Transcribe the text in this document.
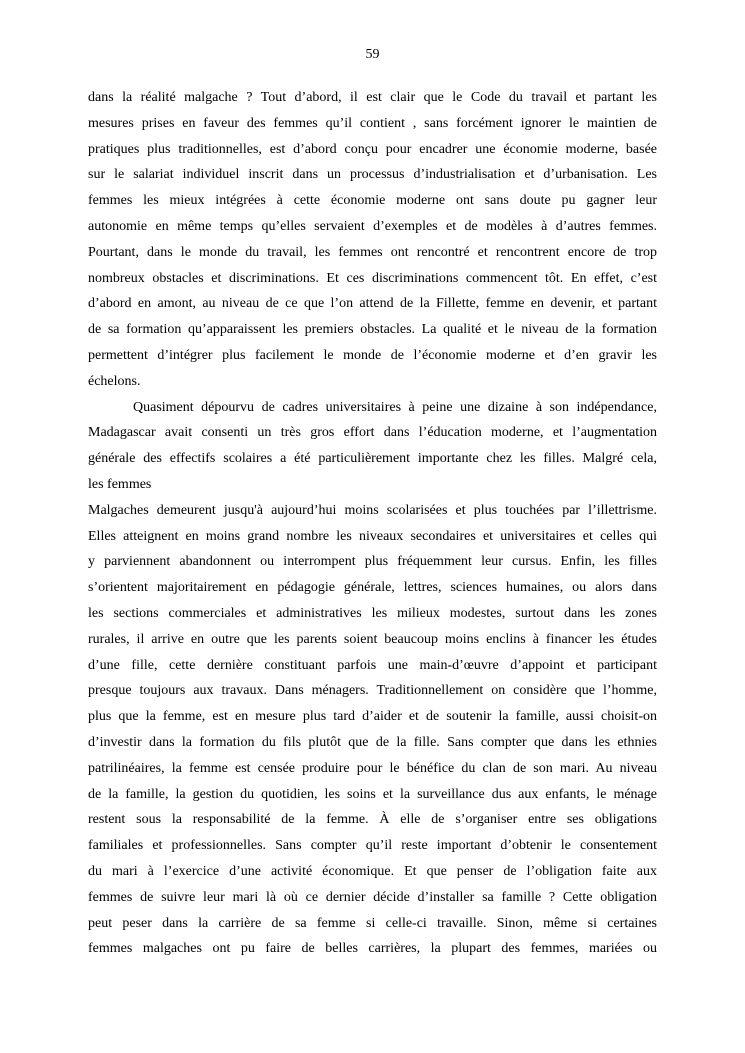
59
dans la réalité malgache ? Tout d’abord, il est clair que le Code du travail et partant les
mesures prises en faveur des femmes qu’il contient , sans forcément ignorer le maintien de
pratiques plus traditionnelles, est d’abord conçu pour encadrer une économie moderne, basée
sur le salariat individuel inscrit dans un processus d’industrialisation et d’urbanisation. Les
femmes les mieux intégrées à cette économie moderne ont sans doute pu gagner leur
autonomie en même temps qu’elles servaient d’exemples et de modèles à d’autres femmes.
Pourtant, dans le monde du travail, les femmes ont rencontré et rencontrent encore de trop
nombreux obstacles et discriminations. Et ces discriminations commencent tôt. En effet, c’est
d’abord en amont, au niveau de ce que l’on attend de la Fillette, femme en devenir, et partant
de sa formation qu’apparaissent les premiers obstacles. La qualité et le niveau de la formation
permettent d’intégrer plus facilement le monde de l’économie moderne et d’en gravir les
échelons.
Quasiment dépourvu de cadres universitaires à peine une dizaine à son indépendance,
Madagascar avait consenti un très gros effort dans l’éducation moderne, et l’augmentation
générale des effectifs scolaires a été particulièrement importante chez les filles. Malgré cela,
les femmes
Malgaches demeurent jusqu'à aujourd’hui moins scolarisées et plus touchées par l’illettrisme.
Elles atteignent en moins grand nombre les niveaux secondaires et universitaires et celles qui
y parviennent abandonnent ou interrompent plus fréquemment leur cursus. Enfin, les filles
s’orientent majoritairement en pédagogie générale, lettres, sciences humaines, ou alors dans
les sections commerciales et administratives les milieux modestes, surtout dans les zones
rurales, il arrive en outre que les parents soient beaucoup moins enclins à financer les études
d’une fille, cette dernière constituant parfois une main-d’œuvre d’appoint et participant
presque toujours aux travaux. Dans ménagers. Traditionnellement on considère que l’homme,
plus que la femme, est en mesure plus tard d’aider et de soutenir la famille, aussi choisit-on
d’investir dans la formation du fils plutôt que de la fille. Sans compter que dans les ethnies
patrilinéaires, la femme est censée produire pour le bénéfice du clan de son mari. Au niveau
de la famille, la gestion du quotidien, les soins et la surveillance dus aux enfants, le ménage
restent sous la responsabilité de la femme. À elle de s’organiser entre ses obligations
familiales et professionnelles. Sans compter qu’il reste important d’obtenir le consentement
du mari à l’exercice d’une activité économique. Et que penser de l’obligation faite aux
femmes de suivre leur mari là où ce dernier décide d’installer sa famille ? Cette obligation
peut peser dans la carrière de sa femme si celle-ci travaille. Sinon, même si certaines
femmes malgaches ont pu faire de belles carrières, la plupart des femmes, mariées ou
